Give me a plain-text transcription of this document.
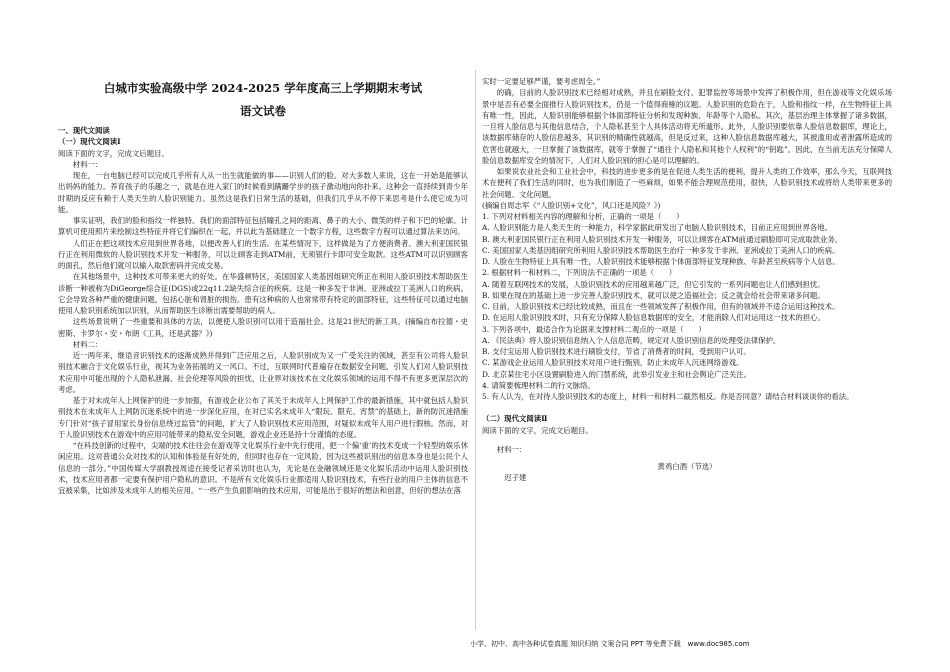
白城市实验高级中学 2024-2025 学年度高三上学期期末考试
语文试卷

一、现代文阅读

（一）现代文阅读Ⅰ

阅读下面的文字，完成文后题目。

材料一：

现在，一台电脑已经可以完成几乎所有人从一出生就能做的事——识别人们的脸。对大多数人来说，这在一开始是能够认出妈妈的能力。养育孩子的乐趣之一，就是在进入家门的时候看到蹒跚学步的孩子激动地向你扑来。这种会一直持续到青少年时期的反应有赖于人类天生的人脸识别能力。虽然这是我们日常生活的基础，但我们几乎从不停下来思考是什么使它成为可能。

事实证明，我们的脸和指纹一样独特。我们的面部特征包括瞳孔之间的距离、鼻子的大小、微笑的样子和下巴的轮廓。计算机可使用照片来绘制这些特征并将它们编织在一起，并以此为基础建立一个数字方程，这些数字方程可以通过算法来访问。

人们正在把这项技术应用到世界各地，以便改善人们的生活。在某些情况下，这样做是为了方便消费者。澳大利亚国民银行正在利用微软的人脸识别技术开发一种服务，可以让顾客走到ATM前，无须银行卡即可安全取款。这些ATM可以识别顾客的面孔，然后他们就可以输入取款密码并完成交易。

在其他场景中，这种技术可带来更大的好处。在华盛顿特区，美国国家人类基因组研究所正在利用人脸识别技术帮助医生诊断一种被称为DiGeorge综合征(DGS)或22q11.2缺失综合征的疾病。这是一种多发于非洲、亚洲或拉丁美洲人口的疾病。它会导致各种严重的健康问题，包括心脏和肾脏的损伤。患有这种病的人也常常带有特定的面部特征，这些特征可以通过电脑使用人脸识别系统加以识别，从而帮助医生诊断出需要帮助的病人。

这些场景说明了一些重要和具体的方法，以便使人脸识别可以用于造福社会。这是21世纪的新工具。(摘编自布拉德・史密斯、卡罗尔・安・布朗《工具，还是武器？》)

材料二：

近一两年来，继语音识别技术的逐渐成熟并得到广泛应用之后，人脸识别成为又一广受关注的领域，甚至有公司将人脸识别技术融合于文化娱乐行业，视其为业务拓展的又一风口。不过，互联网时代普遍存在数据安全问题，引发人们对人脸识别技术应用中可能出现的个人隐私泄漏、社会伦理等风险的担忧，让业界对该技术在文化娱乐领域的运用不得不有更多更深层次的考虑。

基于对未成年人上网保护的进一步加强，有游戏企业公布了其关于未成年人上网保护工作的最新措施，其中就包括人脸识别技术在未成年人上网防沉迷系统中的进一步深化应用，在对已实名未成年人“限玩、限充、宵禁”的基础上，新的防沉迷措施专门针对“孩子冒用家长身份信息绕过监管”的问题，扩大了人脸识别技术应用范围，对疑似未成年人用户进行假核。然而，对于人脸识别技术在游戏中的应用可能带来的隐私安全问题，游戏企业还是持十分谨慎的态度。

“在科技创新的过程中，尖端的技术往往会在游戏等文化娱乐行业中先行使用，把一个偏‘重’的技术变成一个轻型的娱乐休闲应用。这对普通公众对技术的认知和体验是有好处的，但同时也存在一定风险，因为这些被识别出的信息本身也是公民个人信息的一部分。”中国传媒大学副教授周逵在接受记者采访时也认为，无论是在金融领域还是文化娱乐活动中运用人脸识别技术，技术应用者都一定要有保护用户隐私的意识。不是所有文化娱乐行业都适用人脸识别技术，有些行业的用户主体的信息不宜被采集，比如涉及未成年人的相关应用。“一些产生负面影响的技术应用，可能是出于很好的想法和创意，但好的想法在落

实时一定要足够严谨，要考虑周全。”

的确，目前的人脸识别技术已经相对成熟，并且在刷脸支付、犯罪监控等场景中发挥了积极作用，但在游戏等文化娱乐场景中是否有必要全面推行人脸识别技术，仍是一个值得商榷的议题。人脸识别的危险在于，人脸和指纹一样，在生物特征上具有唯一性，因此，人脸识别能够根据个体面部特征分析和发现种族、年龄等个人隐私。其次，基层治理主体掌握了诸多数据，一旦将人脸信息与其他信息结合，个人隐私甚至个人具体活动将无所遁形。此外，人脸识别要依靠人脸信息数据库，理论上，该数据库储存的人脸信息越多，其识别的精确性就越高，但是反过来，这种人脸信息数据库越大，其被滥用或者泄露所造成的危害也就越大，一旦掌握了该数据库，就等于掌握了“通往个人隐私和其他个人权利”的“钥匙”。因此，在当前无法充分保障人脸信息数据库安全的情况下，人们对人脸识别的担心是可以理解的。

如果说农业社会和工业社会中，科技的进步更多的是在促进人类生活的便利，提升人类的工作效率，那么今天，互联网技术在便利了我们生活的同时，也为我们制造了一些麻烦，如果不能合理规范使用，很快，人脸识别技术或将给人类带来更多的社会问题、文化问题。

(摘编自周志军《“人脸识别+文化”，风口还是风险？》)

1. 下列对材料相关内容的理解和分析，正确的一项是（　　）

A. 人脸识别能力是人类天生的一种能力，科学家据此研发出了电脑人脸识别技术，目前正应用到世界各地。

B. 澳大利亚国民银行正在利用人脸识别技术开发一种服务，可以让顾客在ATM前通过刷脸即可完成取款业务。

C. 美国国家人类基因组研究所利用人脸识别技术帮助医生治疗一种多发于非洲、亚洲或拉丁美洲人口的疾病。

D. 人脸在生物特征上具有唯一性，人脸识别技术能够根据个体面部特征发现种族、年龄甚至疾病等个人信息。

2. 根据材料一和材料二，下列说法不正确的一项是（　　）

A. 随着互联网技术的发展，人脸识别技术的应用越来越广泛，但它引发的一系列问题也让人们感到担忧。

B. 如果在现在的基础上进一步完善人脸识别技术，就可以使之造福社会；反之就会给社会带来诸多问题。

C. 目前，人脸识别技术已经比较成熟，而且在一些领域发挥了积极作用，但有的领域并不适合运用这种技术。

D. 在运用人脸识别技术时，只有充分保障人脸信息数据库的安全，才能消除人们对运用这一技术的担心。

3. 下列各项中，最适合作为论据来支撑材料二观点的一项是（　　）

A. 《民法典》将人脸识别信息纳入个人信息范畴，规定对人脸识别信息的处理受法律保护。

B. 支付宝运用人脸识别技术进行刷脸支付，节省了消费者的时间，受到用户认可。

C. 某游戏企业运用人脸识别技术对用户进行甄别，防止未成年人沉迷网络游戏。

D. 北京某住宅小区设置刷脸进入的门禁系统，此举引发业主和社会舆论广泛关注。

4. 请简要梳理材料二的行文脉络。

5. 有人认为，在对待人脸识别技术的态度上，材料一和材料二截然相反。你是否同意？请结合材料谈谈你的看法。

（二）现代文阅读Ⅱ

阅读下面的文字，完成文后题目。

材料一：

黄鸡白酒（节选）

迟子建

小学、初中、高中各种试卷真题 知识归纳 文案合同 PPT 等免费下载　www.doc985.com
